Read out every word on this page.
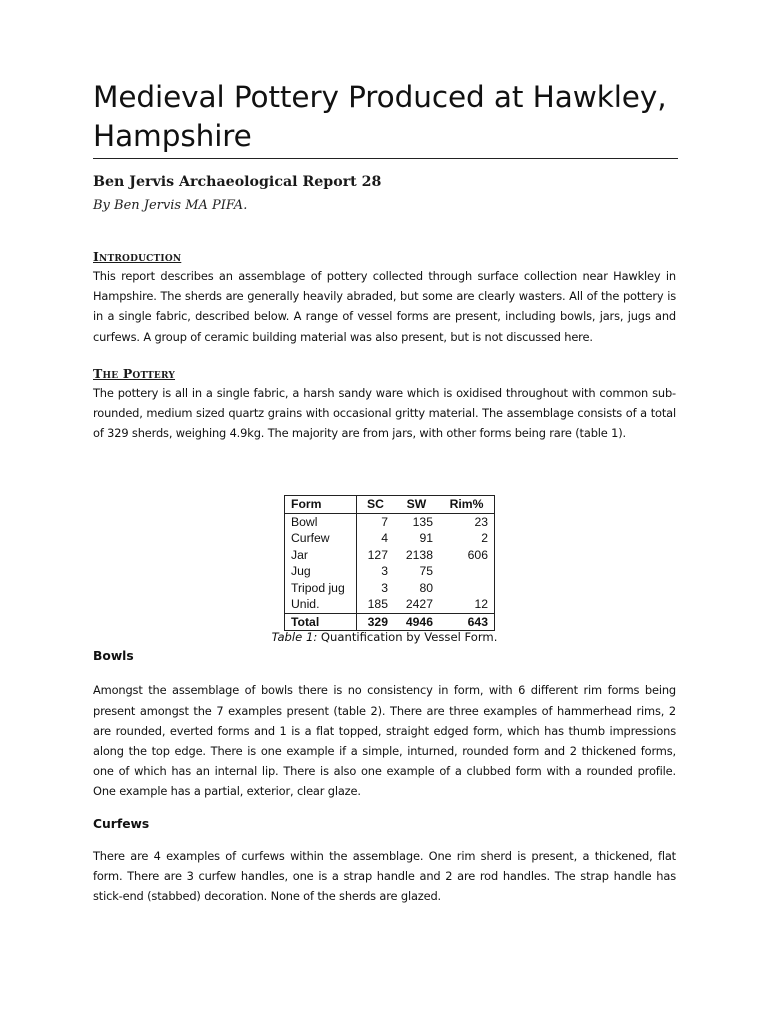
Medieval Pottery Produced at Hawkley,
Hampshire
Ben Jervis Archaeological Report 28
By Ben Jervis MA PIFA.
Introduction

This report describes an assemblage of pottery collected through surface collection near Hawkley in Hampshire. The sherds are generally heavily abraded, but some are clearly wasters. All of the pottery is in a single fabric, described below. A range of vessel forms are present, including bowls, jars, jugs and curfews. A group of ceramic building material was also present, but is not discussed here.

The Pottery

The pottery is all in a single fabric, a harsh sandy ware which is oxidised throughout with common sub-rounded, medium sized quartz grains with occasional gritty material. The assemblage consists of a total of 329 sherds, weighing 4.9kg. The majority are from jars, with other forms being rare (table 1).

Bowls

Amongst the assemblage of bowls there is no consistency in form, with 6 different rim forms being present amongst the 7 examples present (table 2). There are three examples of hammerhead rims, 2 are rounded, everted forms and 1 is a flat topped, straight edged form, which has thumb impressions along the top edge. There is one example if a simple, inturned, rounded form and 2 thickened forms, one of which has an internal lip. There is also one example of a clubbed form with a rounded profile. One example has a partial, exterior, clear glaze.

Curfews

There are 4 examples of curfews within the assemblage. One rim sherd is present, a thickened, flat form. There are 3 curfew handles, one is a strap handle and 2 are rod handles. The strap handle has stick-end (stabbed) decoration. None of the sherds are glazed.

Form	SC	SW	Rim%
Bowl	7	135	23
Curfew	4	91	2
Jar	127	2138	606
Jug	3	75	
Tripod jug	3	80	
Unid.	185	2427	12
Total	329	4946	643
Table 1: Quantification by Vessel Form.
